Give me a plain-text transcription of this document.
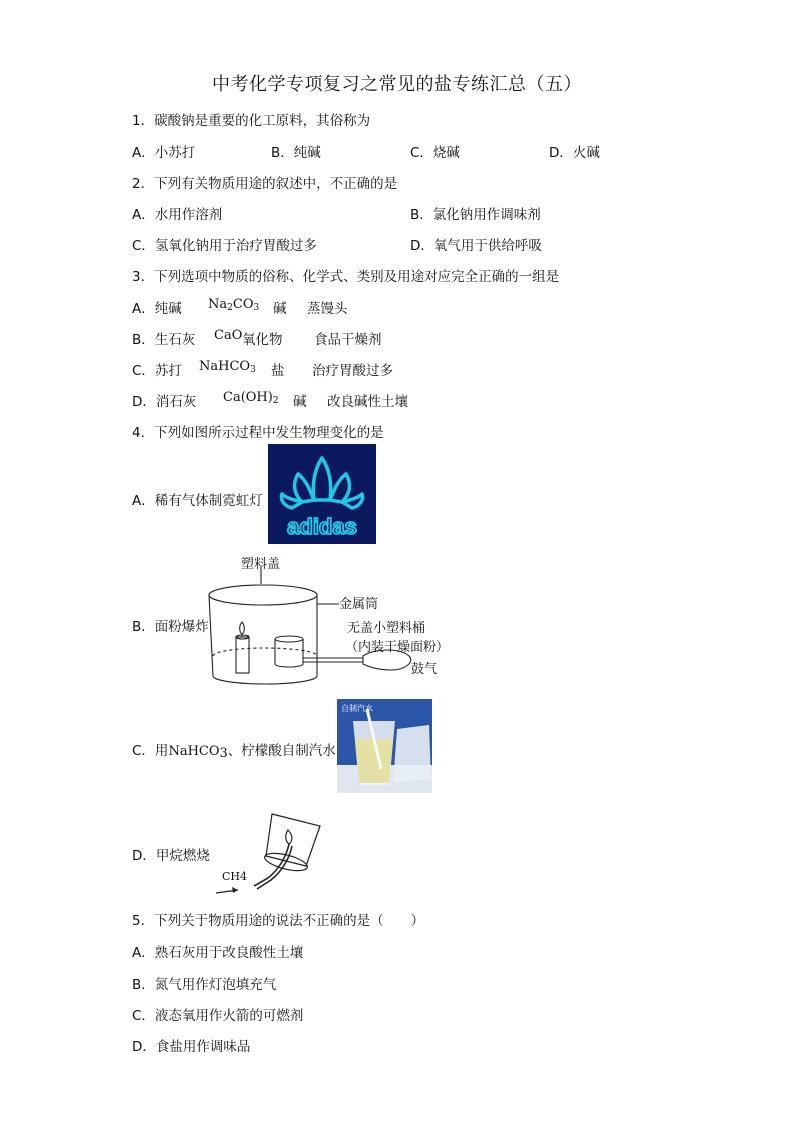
中考化学专项复习之常见的盐专练汇总（五）
1．碳酸钠是重要的化工原料，其俗称为
A．小苏打	B．纯碱	C．烧碱	D．火碱
2．下列有关物质用途的叙述中，不正确的是
A．水用作溶剂	B．氯化钠用作调味剂
C．氢氧化钠用于治疗胃酸过多	D．氧气用于供给呼吸
3．下列选项中物质的俗称、化学式、类别及用途对应完全正确的一组是
A．纯碱 $Na_2CO_3$ 碱 蒸馒头
B．生石灰 CaO 氧化物 食品干燥剂
C．苏打 NaHCO$_3$ 盐 治疗胃酸过多
D．消石灰 $Ca(OH)_2$ 碱 改良碱性土壤
4．下列如图所示过程中发生物理变化的是
A．稀有气体制霓虹灯
adidas
B．面粉爆炸
塑料盖
金属筒
无盖小塑料桶
（内装干燥面粉）
鼓气
C．用NaHCO3、柠檬酸自制汽水
自制汽水
D．甲烷燃烧
CH4
5．下列关于物质用途的说法不正确的是（　　）
A．熟石灰用于改良酸性土壤
B．氮气用作灯泡填充气
C．液态氧用作火箭的可燃剂
D．食盐用作调味品
